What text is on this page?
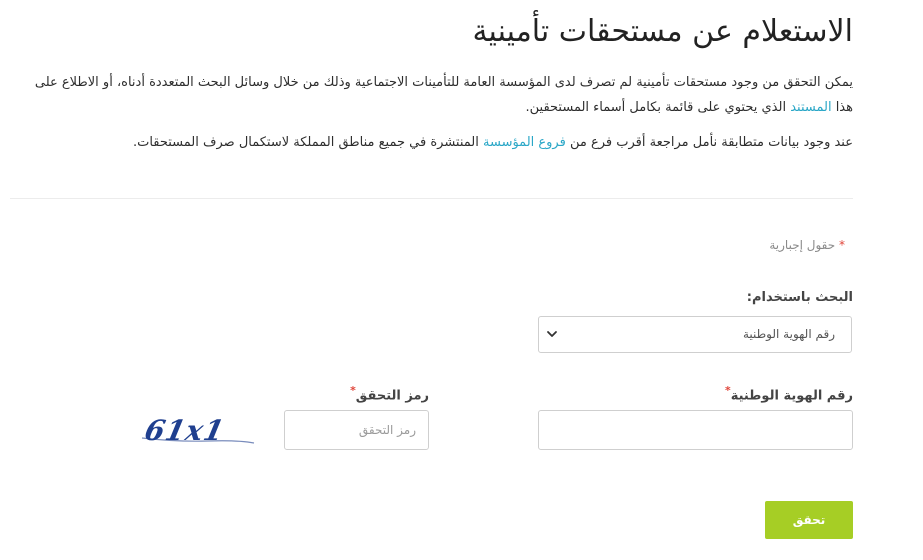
الاستعلام عن مستحقات تأمينية

يمكن التحقق من وجود مستحقات تأمينية لم تصرف لدى المؤسسة العامة للتأمينات الاجتماعية وذلك من خلال وسائل البحث المتعددة أدناه، أو الاطلاع على هذا المستند الذي يحتوي على قائمة بكامل أسماء المستحقين.

عند وجود بيانات متطابقة نأمل مراجعة أقرب فرع من فروع المؤسسة المنتشرة في جميع مناطق المملكة لاستكمال صرف المستحقات.

* حقول إجبارية
البحث باستخدام:
رقم الهوية الوطنية
رقم الهوية الوطنية*
رمز التحقق*
رمز التحقق
61x1
تحقق
